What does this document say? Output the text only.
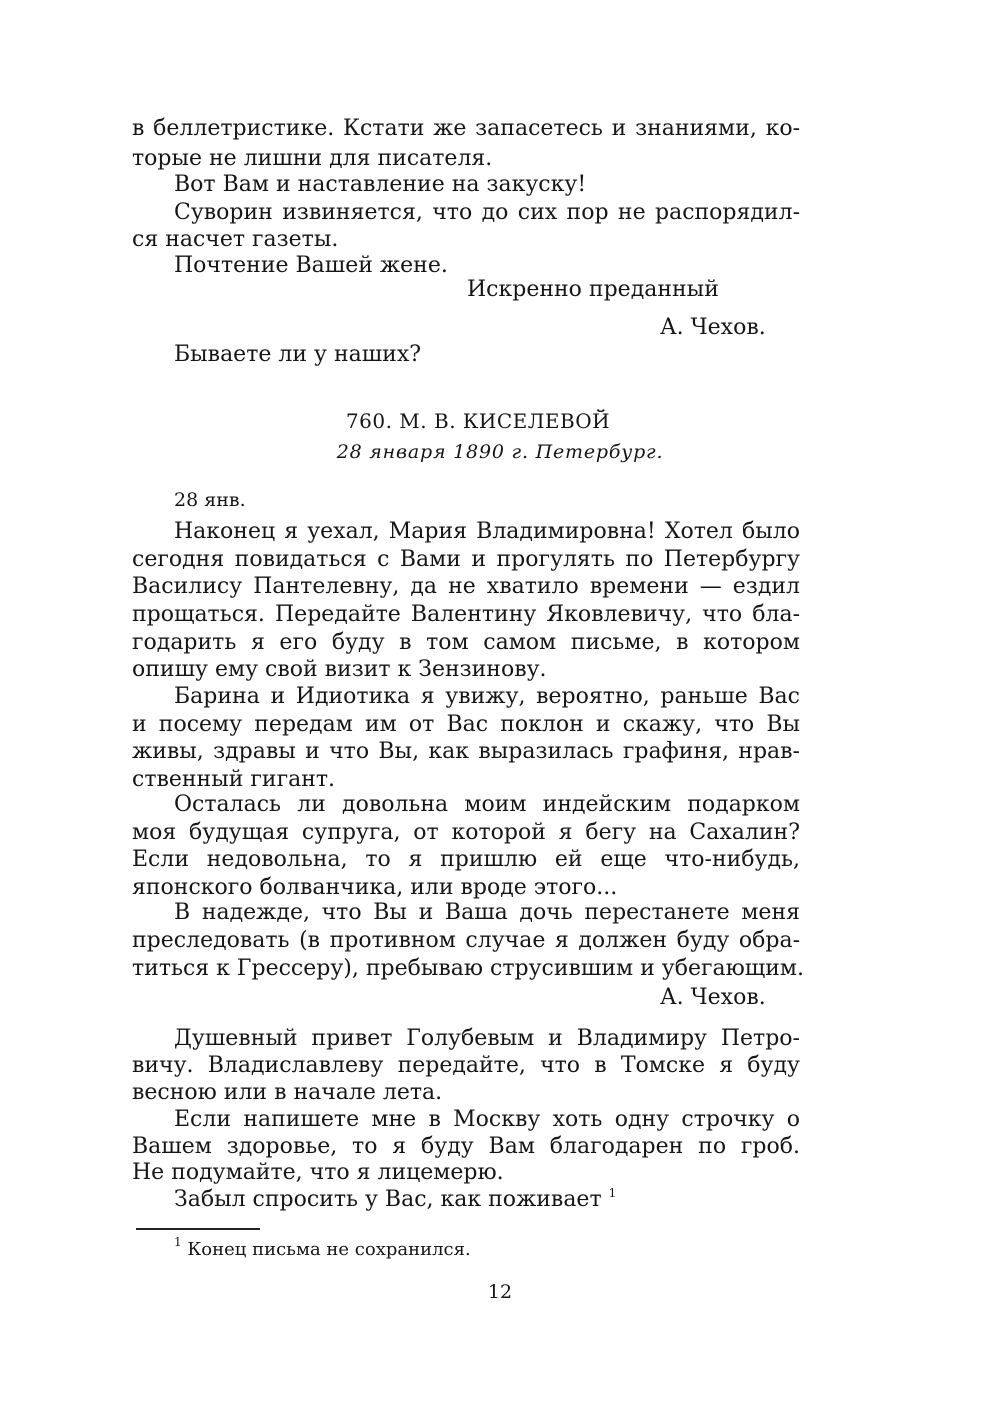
в беллетристике. Кстати же запасетесь и знаниями, ко-
торые не лишни для писателя.
Вот Вам и наставление на закуску!
Суворин извиняется, что до сих пор не распорядил-
ся насчет газеты.
Почтение Вашей жене.
Искренно преданный
А. Чехов.
Бываете ли у наших?
760. М. В. КИСЕЛЕВОЙ
28 января 1890 г. Петербург.
28 янв.
Наконец я уехал, Мария Владимировна! Хотел было
сегодня повидаться с Вами и прогулять по Петербургу
Василису Пантелевну, да не хватило времени — ездил
прощаться. Передайте Валентину Яковлевичу, что бла-
годарить я его буду в том самом письме, в котором
опишу ему свой визит к Зензинову.
Барина и Идиотика я увижу, вероятно, раньше Вас
и посему передам им от Вас поклон и скажу, что Вы
живы, здравы и что Вы, как выразилась графиня, нрав-
ственный гигант.
Осталась ли довольна моим индейским подарком
моя будущая супруга, от которой я бегу на Сахалин?
Если недовольна, то я пришлю ей еще что-нибудь,
японского болванчика, или вроде этого...
В надежде, что Вы и Ваша дочь перестанете меня
преследовать (в противном случае я должен буду обра-
титься к Грессеру), пребываю струсившим и убегающим.
А. Чехов.
Душевный привет Голубевым и Владимиру Петро-
вичу. Владиславлеву передайте, что в Томске я буду
весною или в начале лета.
Если напишете мне в Москву хоть одну строчку о
Вашем здоровье, то я буду Вам благодарен по гроб.
Не подумайте, что я лицемерю.
Забыл спросить у Вас, как поживает $^1$
$^1$ Конец письма не сохранился.
12
